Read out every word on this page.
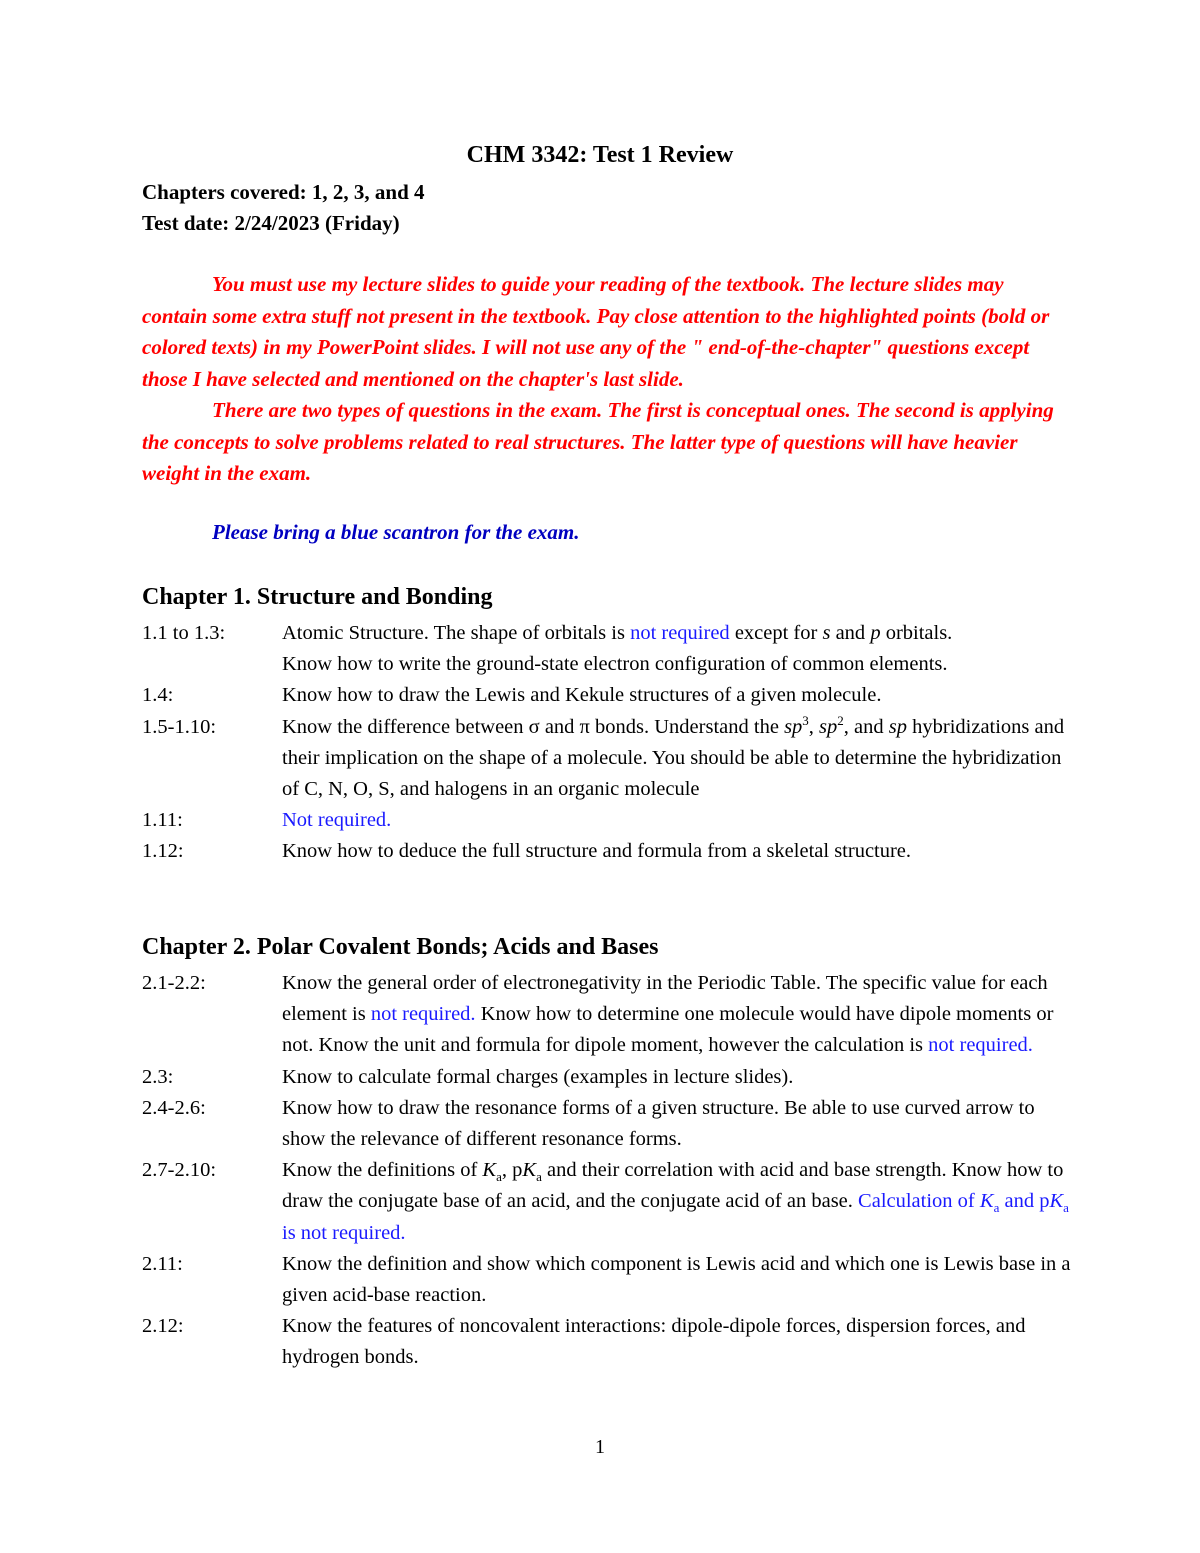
CHM 3342: Test 1 Review
Chapters covered: 1, 2, 3, and 4
Test date: 2/24/2023 (Friday)

You must use my lecture slides to guide your reading of the textbook. The lecture slides may contain some extra stuff not present in the textbook. Pay close attention to the highlighted points (bold or colored texts) in my PowerPoint slides. I will not use any of the " end-of-the-chapter" questions except those I have selected and mentioned on the chapter's last slide.

There are two types of questions in the exam. The first is conceptual ones. The second is applying the concepts to solve problems related to real structures. The latter type of questions will have heavier weight in the exam.

Please bring a blue scantron for the exam.
Chapter 1. Structure and Bonding
1.1 to 1.3:	Atomic Structure. The shape of orbitals is not required except for s and p orbitals.
Know how to write the ground-state electron configuration of common elements.
1.4:	Know how to draw the Lewis and Kekule structures of a given molecule.
1.5-1.10:	Know the difference between σ and π bonds. Understand the $sp^3$, $sp^2$, and sp hybridizations and their implication on the shape of a molecule. You should be able to determine the hybridization of C, N, O, S, and halogens in an organic molecule
1.11:	Not required.
1.12:	Know how to deduce the full structure and formula from a skeletal structure.
Chapter 2. Polar Covalent Bonds; Acids and Bases
2.1-2.2:	Know the general order of electronegativity in the Periodic Table. The specific value for each element is not required. Know how to determine one molecule would have dipole moments or not. Know the unit and formula for dipole moment, however the calculation is not required.
2.3:	Know to calculate formal charges (examples in lecture slides).
2.4-2.6:	Know how to draw the resonance forms of a given structure. Be able to use curved arrow to show the relevance of different resonance forms.
2.7-2.10:	Know the definitions of $K_a$, $pK_a$ and their correlation with acid and base strength. Know how to draw the conjugate base of an acid, and the conjugate acid of an base. Calculation of $K_a$ and $pK_a$ is not required.
2.11:	Know the definition and show which component is Lewis acid and which one is Lewis base in a given acid-base reaction.
2.12:	Know the features of noncovalent interactions: dipole-dipole forces, dispersion forces, and hydrogen bonds.
1
